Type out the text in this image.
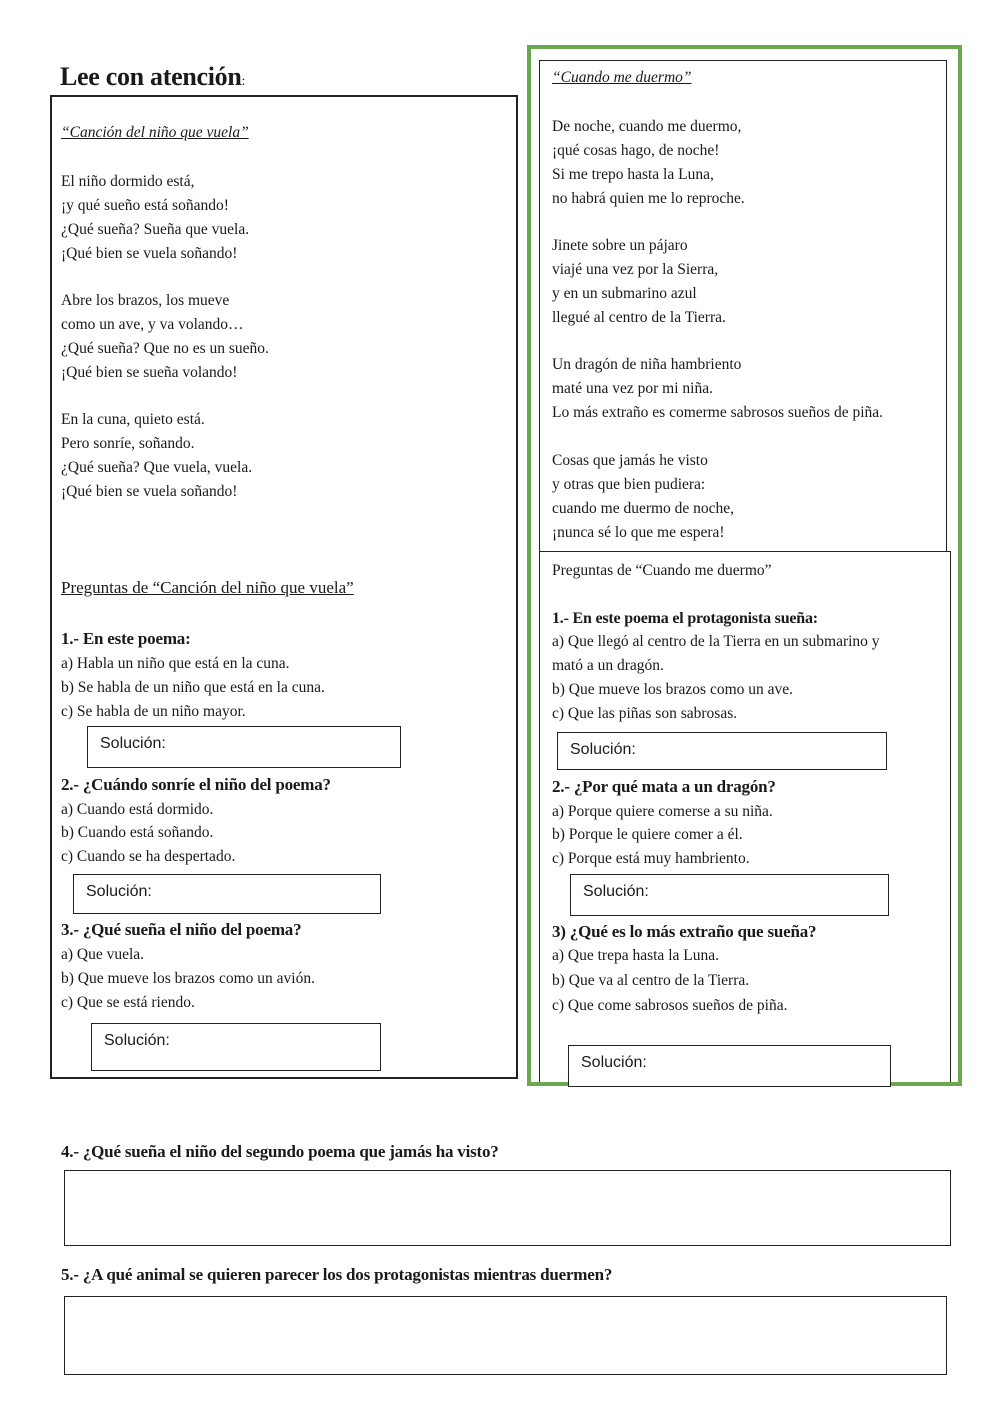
Lee con atención:
“Canción del niño que vuela”
El niño dormido está,
¡y qué sueño está soñando!
¿Qué sueña? Sueña que vuela.
¡Qué bien se vuela soñando!
Abre los brazos, los mueve
como un ave, y va volando…
¿Qué sueña? Que no es un sueño.
¡Qué bien se sueña volando!
En la cuna, quieto está.
Pero sonríe, soñando.
¿Qué sueña? Que vuela, vuela.
¡Qué bien se vuela soñando!
Preguntas de “Canción del niño que vuela”
1.- En este poema:
a) Habla un niño que está en la cuna.
b) Se habla de un niño que está en la cuna.
c) Se habla de un niño mayor.
Solución:
2.- ¿Cuándo sonríe el niño del poema?
a) Cuando está dormido.
b) Cuando está soñando.
c) Cuando se ha despertado.
Solución:
3.- ¿Qué sueña el niño del poema?
a) Que vuela.
b) Que mueve los brazos como un avión.
c) Que se está riendo.
Solución:
“Cuando me duermo”
De noche, cuando me duermo,
¡qué cosas hago, de noche!
Si me trepo hasta la Luna,
no habrá quien me lo reproche.
Jinete sobre un pájaro
viajé una vez por la Sierra,
y en un submarino azul
llegué al centro de la Tierra.
Un dragón de niña hambriento
maté una vez por mi niña.
Lo más extraño es comerme sabrosos sueños de piña.
Cosas que jamás he visto
y otras que bien pudiera:
cuando me duermo de noche,
¡nunca sé lo que me espera!
Preguntas de “Cuando me duermo”
1.- En este poema el protagonista sueña:
a) Que llegó al centro de la Tierra en un submarino y
mató a un dragón.
b) Que mueve los brazos como un ave.
c) Que las piñas son sabrosas.
Solución:
2.- ¿Por qué mata a un dragón?
a) Porque quiere comerse a su niña.
b) Porque le quiere comer a él.
c) Porque está muy hambriento.
Solución:
3) ¿Qué es lo más extraño que sueña?
a) Que trepa hasta la Luna.
b) Que va al centro de la Tierra.
c) Que come sabrosos sueños de piña.
Solución:
4.- ¿Qué sueña el niño del segundo poema que jamás ha visto?
5.- ¿A qué animal se quieren parecer los dos protagonistas mientras duermen?
